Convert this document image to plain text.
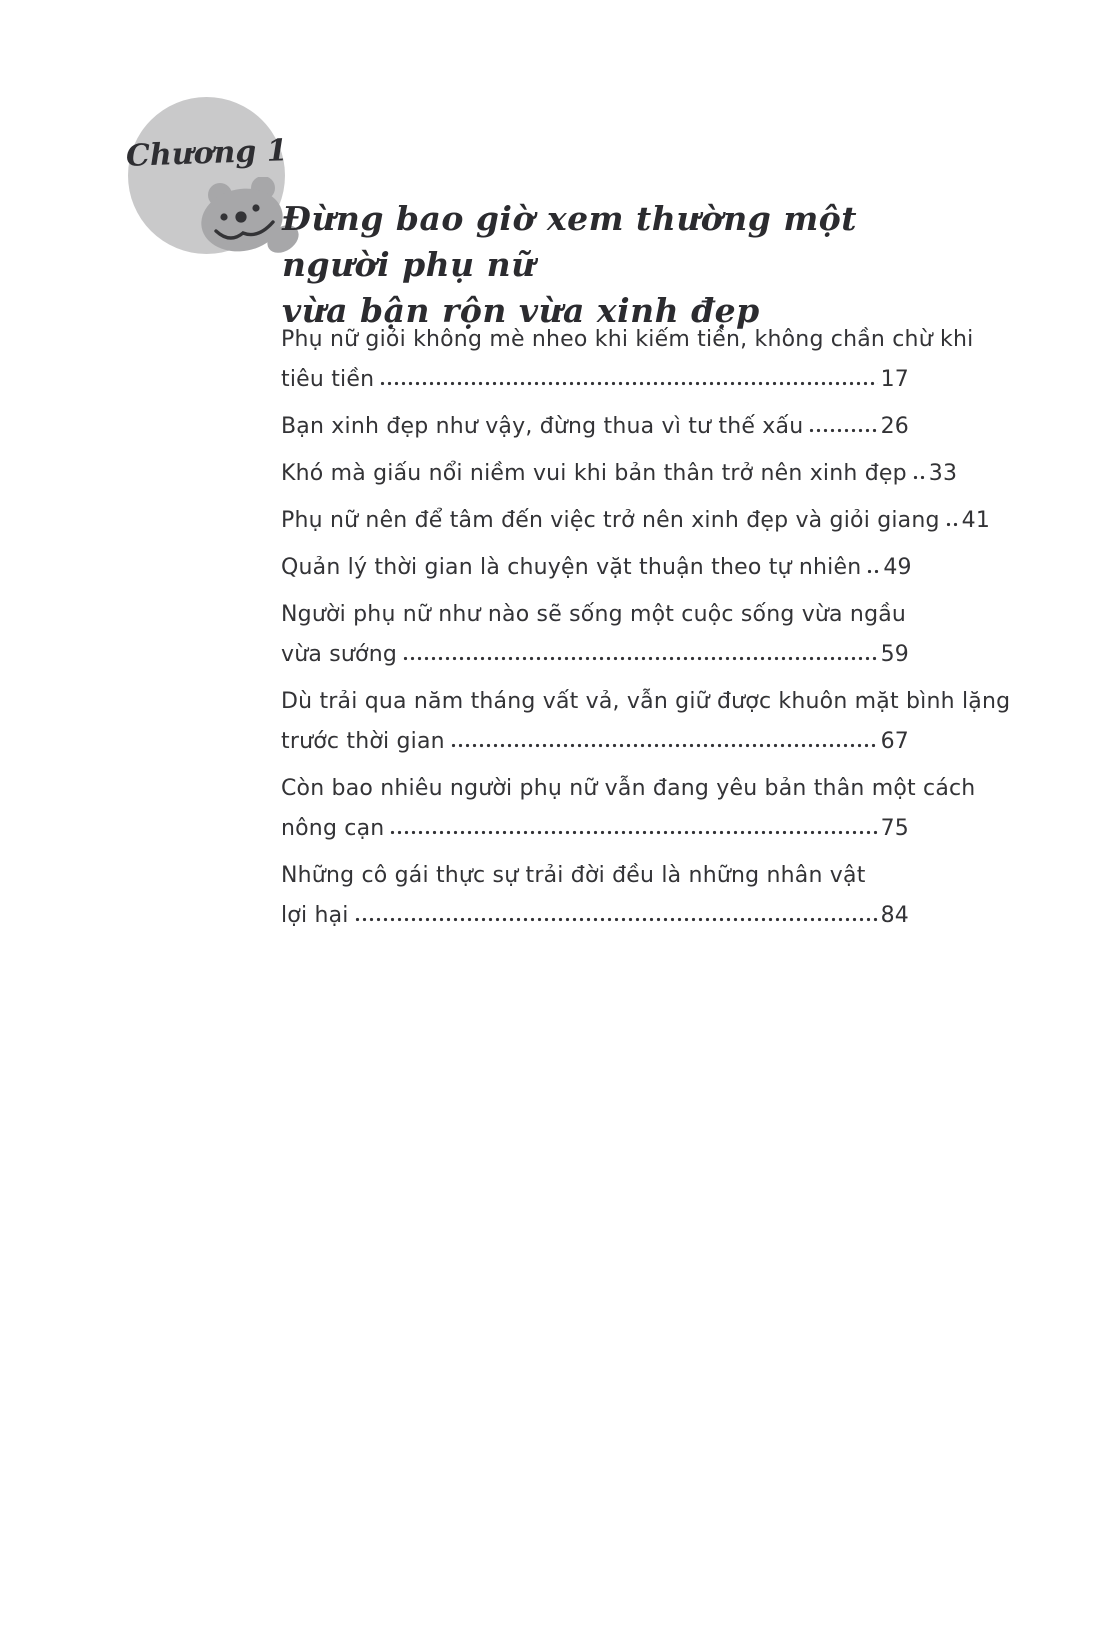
Chương 1
Đừng bao giờ xem thường một người phụ nữ
vừa bận rộn vừa xinh đẹp
Phụ nữ giỏi không mè nheo khi kiếm tiền, không chần chừ khi
tiêu tiền	17
Bạn xinh đẹp như vậy, đừng thua vì tư thế xấu	26
Khó mà giấu nổi niềm vui khi bản thân trở nên xinh đẹp 33
Phụ nữ nên để tâm đến việc trở nên xinh đẹp và giỏi giang 41
Quản lý thời gian là chuyện vặt thuận theo tự nhiên 49
Người phụ nữ như nào sẽ sống một cuộc sống vừa ngầu
vừa sướng	59
Dù trải qua năm tháng vất vả, vẫn giữ được khuôn mặt bình lặng
trước thời gian	67
Còn bao nhiêu người phụ nữ vẫn đang yêu bản thân một cách
nông cạn	75
Những cô gái thực sự trải đời đều là những nhân vật
lợi hại	84
